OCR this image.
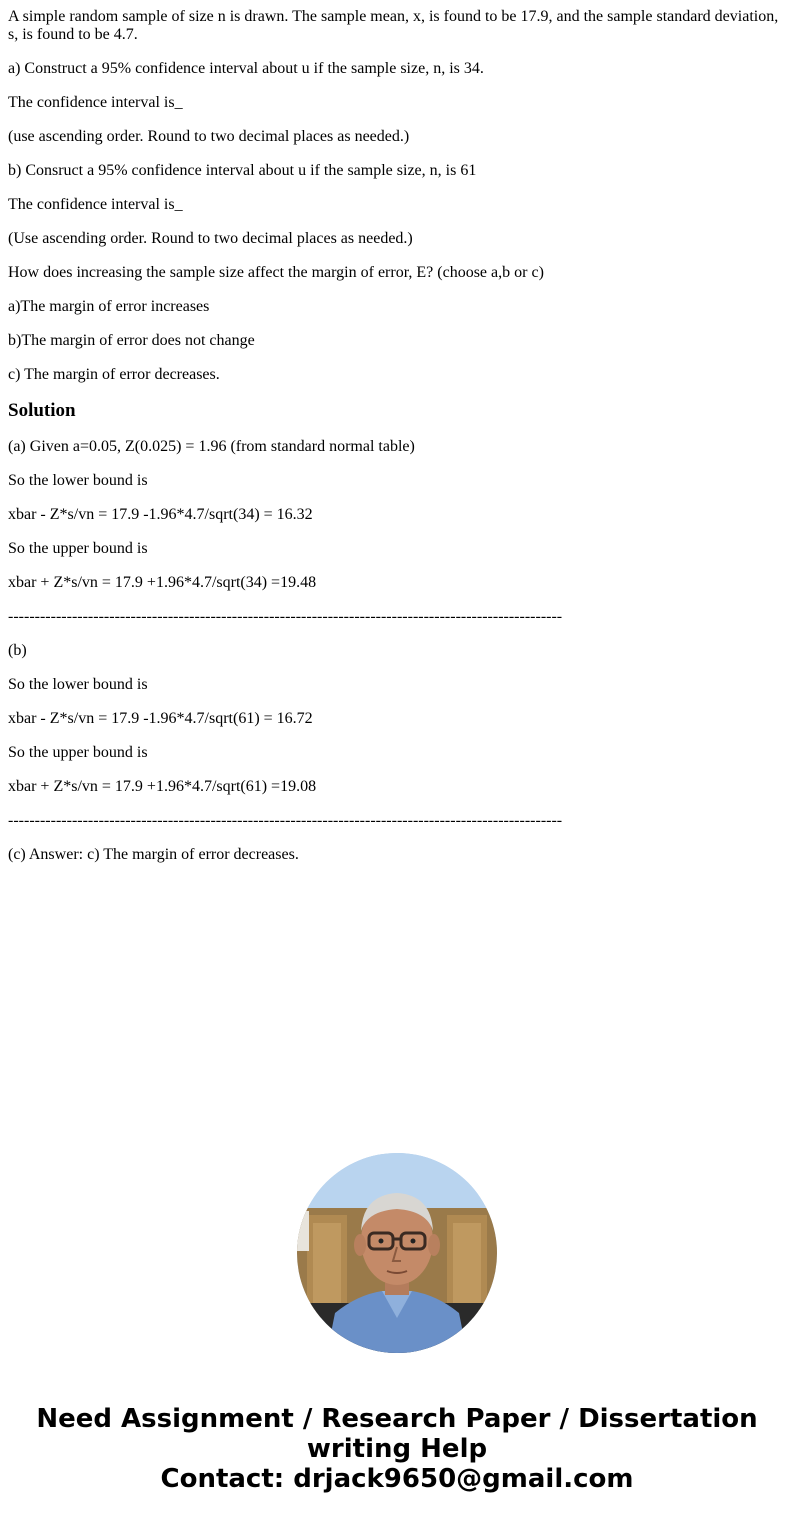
A simple random sample of size n is drawn. The sample mean, x, is found to be 17.9, and the sample standard deviation, s, is found to be 4.7.

a) Construct a 95% confidence interval about u if the sample size, n, is 34.

The confidence interval is_

(use ascending order. Round to two decimal places as needed.)

b) Consruct a 95% confidence interval about u if the sample size, n, is 61

The confidence interval is_

(Use ascending order. Round to two decimal places as needed.)

How does increasing the sample size affect the margin of error, E? (choose a,b or c)

a)The margin of error increases

b)The margin of error does not change

c) The margin of error decreases.

Solution

(a) Given a=0.05, Z(0.025) = 1.96 (from standard normal table)

So the lower bound is

xbar - Z*s/vn = 17.9 -1.96*4.7/sqrt(34) = 16.32

So the upper bound is

xbar + Z*s/vn = 17.9 +1.96*4.7/sqrt(34) =19.48

--------------------------------------------------------------------------------------------------------

(b)

So the lower bound is

xbar - Z*s/vn = 17.9 -1.96*4.7/sqrt(61) = 16.72

So the upper bound is

xbar + Z*s/vn = 17.9 +1.96*4.7/sqrt(61) =19.08

--------------------------------------------------------------------------------------------------------

(c) Answer: c) The margin of error decreases.

Need Assignment / Research Paper / Dissertation
writing Help
Contact: drjack9650@gmail.com
